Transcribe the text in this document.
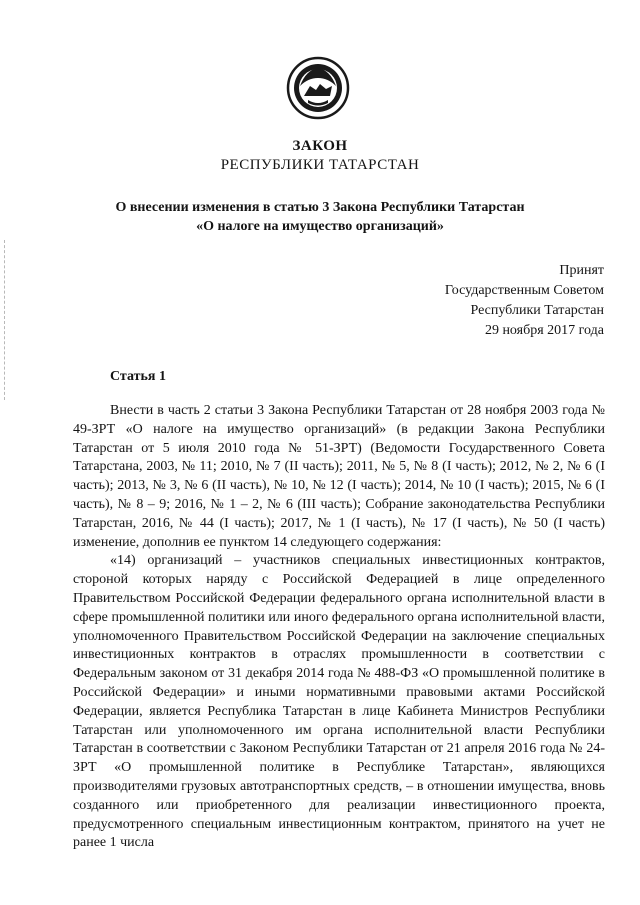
ЗАКОН
РЕСПУБЛИКИ ТАТАРСТАН
О внесении изменения в статью 3 Закона Республики Татарстан
«О налоге на имущество организаций»
Принят
Государственным Советом
Республики Татарстан
29 ноября 2017 года
Статья 1

Внести в часть 2 статьи 3 Закона Республики Татарстан от 28 ноября 2003 года № 49-ЗРТ «О налоге на имущество организаций» (в редакции Закона Республики Татарстан от 5 июля 2010 года № 51-ЗРТ) (Ведомости Государственного Совета Татарстана, 2003, № 11; 2010, № 7 (II часть); 2011, № 5, № 8 (I часть); 2012, № 2, № 6 (I часть); 2013, № 3, № 6 (II часть), № 10, № 12 (I часть); 2014, № 10 (I часть); 2015, № 6 (I часть), № 8 – 9; 2016, № 1 – 2, № 6 (III часть); Собрание законодательства Республики Татарстан, 2016, № 44 (I часть); 2017, № 1 (I часть), № 17 (I часть), № 50 (I часть) изменение, дополнив ее пунктом 14 следующего содержания:

«14) организаций – участников специальных инвестиционных контрактов, стороной которых наряду с Российской Федерацией в лице определенного Правительством Российской Федерации федерального органа исполнительной власти в сфере промышленной политики или иного федерального органа исполнительной власти, уполномоченного Правительством Российской Федерации на заключение специальных инвестиционных контрактов в отраслях промышленности в соответствии с Федеральным законом от 31 декабря 2014 года № 488-ФЗ «О промышленной политике в Российской Федерации» и иными нормативными правовыми актами Российской Федерации, является Республика Татарстан в лице Кабинета Министров Республики Татарстан или уполномоченного им органа исполнительной власти Республики Татарстан в соответствии с Законом Республики Татарстан от 21 апреля 2016 года № 24-ЗРТ «О промышленной политике в Республике Татарстан», являющихся производителями грузовых автотранспортных средств, – в отношении имущества, вновь созданного или приобретенного для реализации инвестиционного проекта, предусмотренного специальным инвестиционным контрактом, принятого на учет не ранее 1 числа
